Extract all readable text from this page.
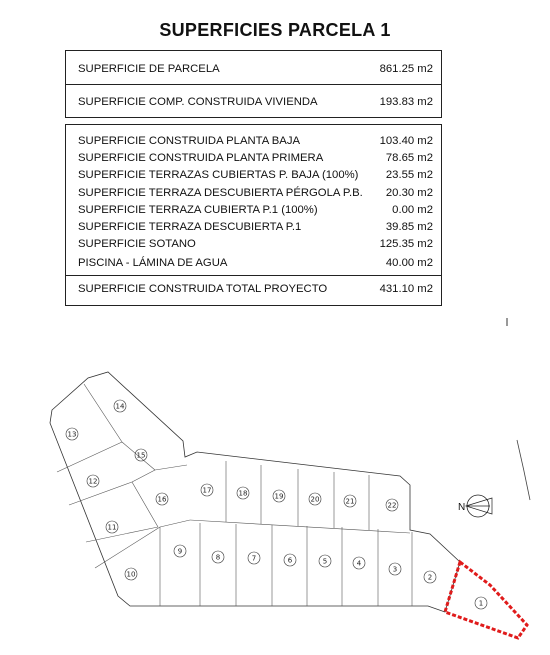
SUPERFICIES PARCELA 1
SUPERFICIE DE PARCELA	861.25 m2
SUPERFICIE COMP. CONSTRUIDA VIVIENDA	193.83 m2
SUPERFICIE CONSTRUIDA PLANTA BAJA	103.40 m2
SUPERFICIE CONSTRUIDA PLANTA PRIMERA	78.65 m2
SUPERFICIE TERRAZAS CUBIERTAS P. BAJA (100%) 23.55 m2
SUPERFICIE TERRAZA DESCUBIERTA PÉRGOLA P.B. 20.30 m2
SUPERFICIE TERRAZA CUBIERTA P.1 (100%)	0.00 m2
SUPERFICIE TERRAZA DESCUBIERTA P.1	39.85 m2
SUPERFICIE SOTANO	125.35 m2
PISCINA - LÁMINA DE AGUA	40.00 m2
SUPERFICIE CONSTRUIDA TOTAL PROYECTO	431.10 m2
N
1
2
3
4
5
6
7
8
9
10
11
12
13
14
15
16
17	18	19	20	21	22
